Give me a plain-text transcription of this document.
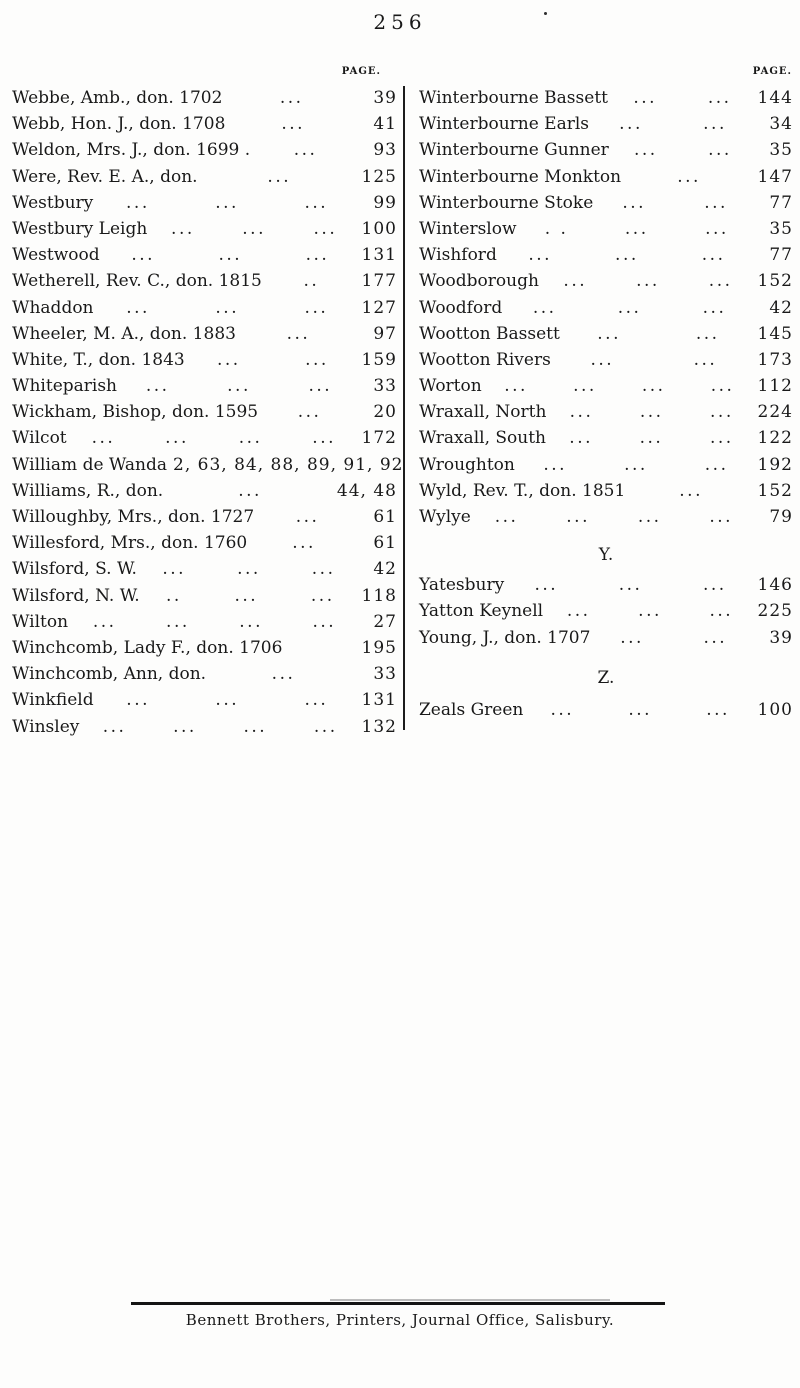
256
PAGE.
Webbe, Amb., don. 1702	...	39
Webb, Hon. J., don. 1708	...	41
Weldon, Mrs. J., don. 1699 .	...	93
Were, Rev. E. A., don.	...	125
Westbury ...	...	...	99
Westbury Leigh ...	...	... 100
Westwood ...	...	... 131
Wetherell, Rev. C., don. 1815 .. 177
Whaddon ...	...	... 127
Wheeler, M. A., don. 1883	...	97
White, T., don. 1843 ...	... 159
Whiteparish ...	...	...	33
Wickham, Bishop, don. 1595 ...	20
Wilcot ...	...	...	... 172
William de Wanda 2, 63, 84, 88, 89, 91, 92
Williams, R., don.	...	44, 48
Willoughby, Mrs., don. 1727 ...	61
Willesford, Mrs., don. 1760	...	61
Wilsford, S. W. ...	...	...	42
Wilsford, N. W. ..	...	... 118
Wilton ...	...	...	...	27
Winchcomb, Lady F., don. 1706	195
Winchcomb, Ann, don.	...	33
Winkfield ...	...	... 131
Winsley ...	...	...	... 132
PAGE.
Winterbourne Bassett ...	... 144
Winterbourne Earls ...	...	34
Winterbourne Gunner ...	...	35
Winterbourne Monkton	...	147
Winterbourne Stoke ...	...	77
Winterslow . .	...	...	35
Wishford ...	...	...	77
Woodborough ...	...	... 152
Woodford ...	...	...	42
Wootton Bassett ...	... 145
Wootton Rivers ...	... 173
Worton ...	...	...	... 112
Wraxall, North ...	...	... 224
Wraxall, South ...	...	... 122
Wroughton ...	...	... 192
Wyld, Rev. T., don. 1851	...	152
Wylye ...	...	...	...	79
Y.
Yatesbury ...	...	... 146
Yatton Keynell ...	...	... 225
Young, J., don. 1707 ...	...	39
Z.
Zeals Green ...	...	... 100
Bennett Brothers, Printers, Journal Office, Salisbury.
